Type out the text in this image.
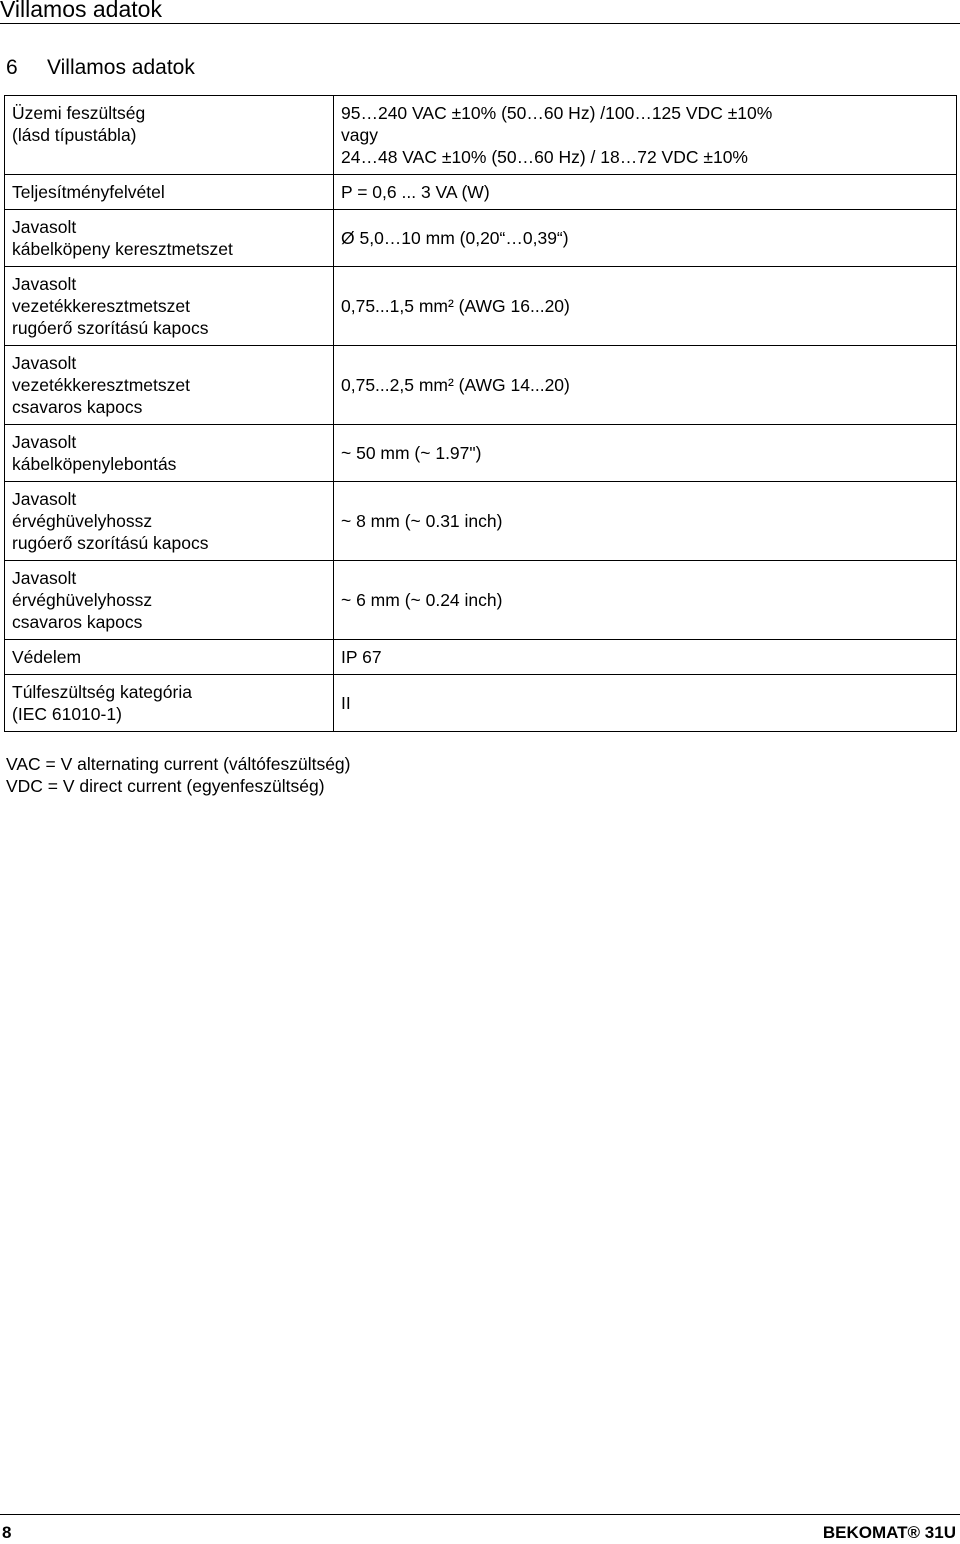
Villamos adatok
6 Villamos adatok
Üzemi feszültség
(lásd típustábla)	95…240 VAC ±10% (50…60 Hz) /100…125 VDC ±10%
vagy
24…48 VAC ±10% (50…60 Hz) / 18…72 VDC ±10%

Teljesítményfelvétel	P = 0,6 ... 3 VA (W)

Javasolt
kábelköpeny keresztmetszet	Ø 5,0…10 mm (0,20“…0,39“)

Javasolt
vezetékkeresztmetszet
rugóerő szorítású kapocs	0,75...1,5 mm² (AWG 16...20)

Javasolt
vezetékkeresztmetszet
csavaros kapocs	0,75...2,5 mm² (AWG 14...20)

Javasolt
kábelköpenylebontás	~ 50 mm (~ 1.97")

Javasolt
érvéghüvelyhossz
rugóerő szorítású kapocs	~ 8 mm (~ 0.31 inch)

Javasolt
érvéghüvelyhossz
csavaros kapocs	~ 6 mm (~ 0.24 inch)

Védelem	IP 67

Túlfeszültség kategória
(IEC 61010-1)	II
VAC = V alternating current (váltófeszültség)
VDC = V direct current (egyenfeszültség)
8	BEKOMAT® 31U
